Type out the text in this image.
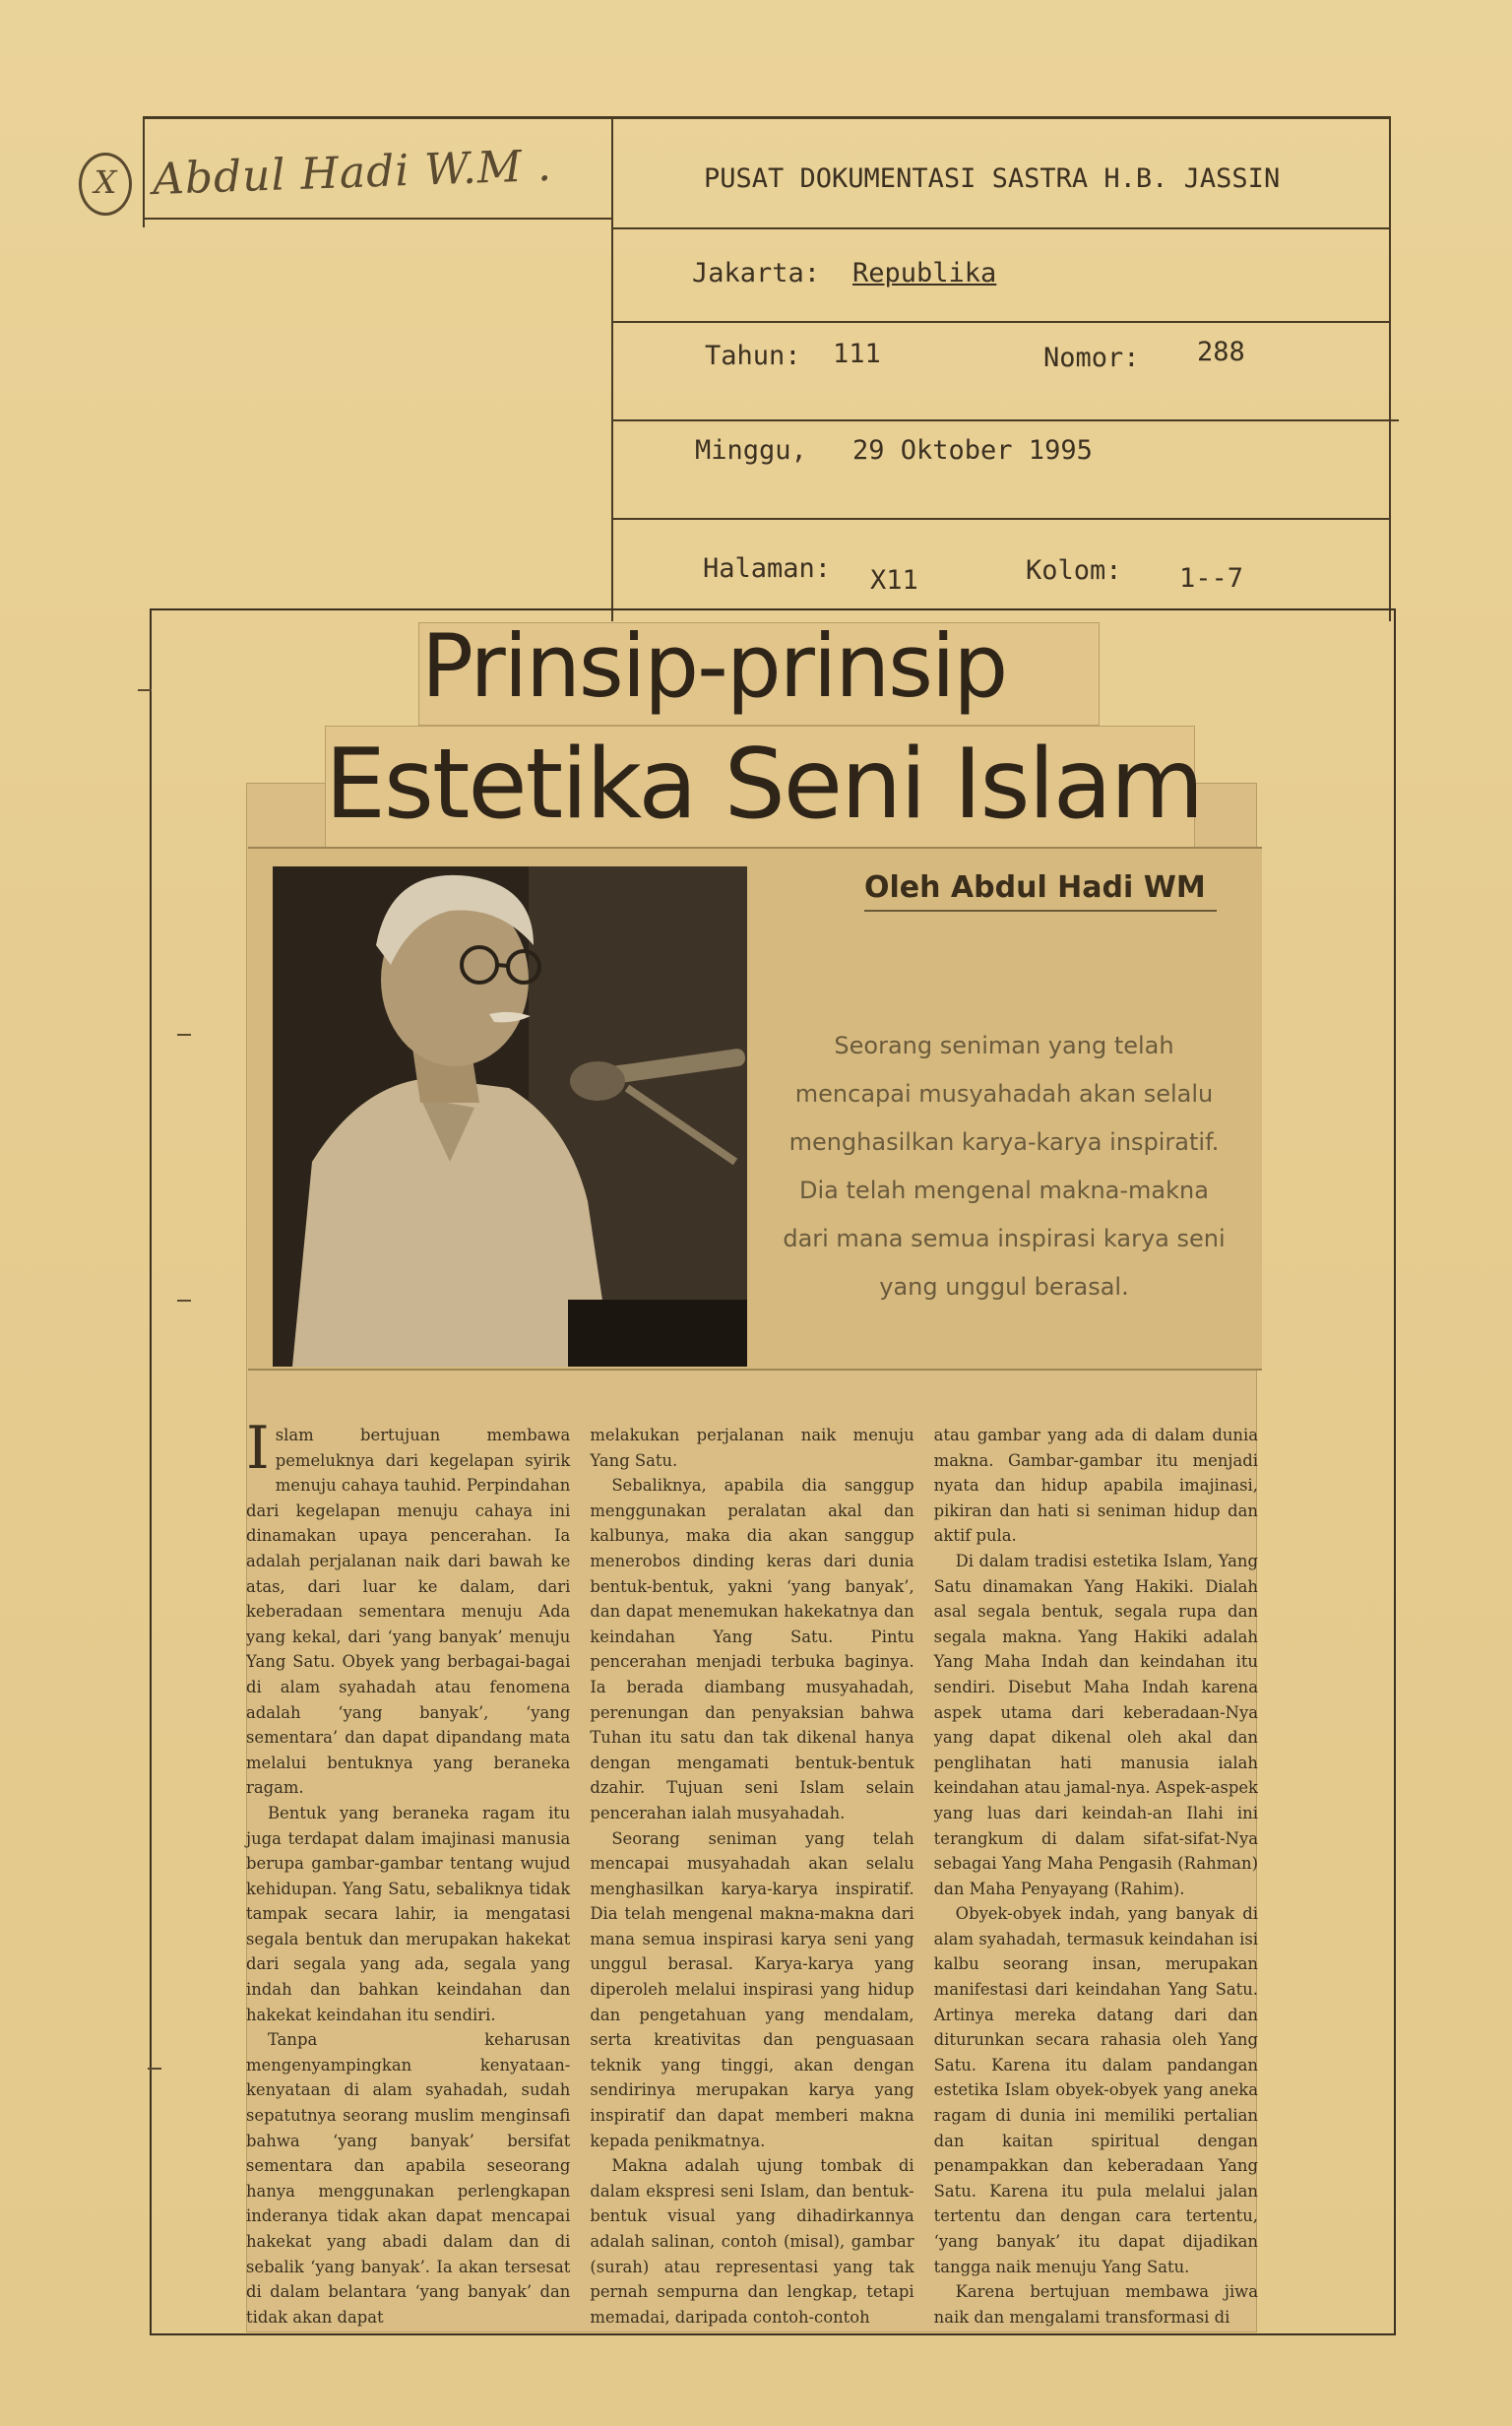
X Abdul Hadi W.M .	PUSAT DOKUMENTASI SASTRA H.B. JASSIN
Jakarta: Republika
Tahun: 111	Nomor: 288
Minggu, 29 Oktober 1995
Halaman: X11	Kolom: 1--7
Prinsip-prinsip
Estetika Seni Islam
Oleh Abdul Hadi WM
Seorang seniman yang telah mencapai musyahadah akan selalu menghasilkan karya-karya inspiratif. Dia telah mengenal makna-makna dari mana semua inspirasi karya seni yang unggul berasal.

Islam bertujuan membawa pemeluknya dari kegelapan syirik menuju cahaya tauhid. Perpindahan dari kegelapan menuju cahaya ini dinamakan upaya pencerahan. Ia adalah perjalanan naik dari bawah ke atas, dari luar ke dalam, dari keberadaan sementara menuju Ada yang kekal, dari ‘yang banyak’ menuju Yang Satu. Obyek yang berbagai-bagai di alam syahadah atau fenomena adalah ‘yang banyak’, ‘yang sementara’ dan dapat dipandang mata melalui bentuknya yang beraneka ragam.

Bentuk yang beraneka ragam itu juga terdapat dalam imajinasi manusia berupa gambar-gambar tentang wujud kehidupan. Yang Satu, sebaliknya tidak tampak secara lahir, ia mengatasi segala bentuk dan merupakan hakekat dari segala yang ada, segala yang indah dan bahkan keindahan dan hakekat keindahan itu sendiri.

Tanpa keharusan mengenyampingkan kenyataan-kenyataan di alam syahadah, sudah sepatutnya seorang muslim menginsafi bahwa ‘yang banyak’ bersifat sementara dan apabila seseorang hanya menggunakan perlengkapan inderanya tidak akan dapat mencapai hakekat yang abadi dalam dan di sebalik ‘yang banyak’. Ia akan tersesat di dalam belantara ‘yang banyak’ dan tidak akan dapat

melakukan perjalanan naik menuju Yang Satu.

Sebaliknya, apabila dia sanggup menggunakan peralatan akal dan kalbunya, maka dia akan sanggup menerobos dinding keras dari dunia bentuk-bentuk, yakni ‘yang banyak’, dan dapat menemukan hakekatnya dan keindahan Yang Satu. Pintu pencerahan menjadi terbuka baginya. Ia berada diambang musyahadah, perenungan dan penyaksian bahwa Tuhan itu satu dan tak dikenal hanya dengan mengamati bentuk-bentuk dzahir. Tujuan seni Islam selain pencerahan ialah musyahadah.

Seorang seniman yang telah mencapai musyahadah akan selalu menghasilkan karya-karya inspiratif. Dia telah mengenal makna-makna dari mana semua inspirasi karya seni yang unggul berasal. Karya-karya yang diperoleh melalui inspirasi yang hidup dan pengetahuan yang mendalam, serta kreativitas dan penguasaan teknik yang tinggi, akan dengan sendirinya merupakan karya yang inspiratif dan dapat memberi makna kepada penikmatnya.

Makna adalah ujung tombak di dalam ekspresi seni Islam, dan bentuk-bentuk visual yang dihadirkannya adalah salinan, contoh (misal), gambar (surah) atau representasi yang tak pernah sempurna dan lengkap, tetapi memadai, daripada contoh-contoh

atau gambar yang ada di dalam dunia makna. Gambar-gambar itu menjadi nyata dan hidup apabila imajinasi, pikiran dan hati si seniman hidup dan aktif pula.

Di dalam tradisi estetika Islam, Yang Satu dinamakan Yang Hakiki. Dialah asal segala bentuk, segala rupa dan segala makna. Yang Hakiki adalah Yang Maha Indah dan keindahan itu sendiri. Disebut Maha Indah karena aspek utama dari keberadaan-Nya yang dapat dikenal oleh akal dan penglihatan hati manusia ialah keindahan atau jamal-nya. Aspek-aspek yang luas dari keindah-an Ilahi ini terangkum di dalam sifat-sifat-Nya sebagai Yang Maha Pengasih (Rahman) dan Maha Penyayang (Rahim).

Obyek-obyek indah, yang banyak di alam syahadah, termasuk keindahan isi kalbu seorang insan, merupakan manifestasi dari keindahan Yang Satu. Artinya mereka datang dari dan diturunkan secara rahasia oleh Yang Satu. Karena itu dalam pandangan estetika Islam obyek-obyek yang aneka ragam di dunia ini memiliki pertalian dan kaitan spiritual dengan penampakkan dan keberadaan Yang Satu. Karena itu pula melalui jalan tertentu dan dengan cara tertentu, ‘yang banyak’ itu dapat dijadikan tangga naik menuju Yang Satu.

Karena bertujuan membawa jiwa naik dan mengalami transformasi di
